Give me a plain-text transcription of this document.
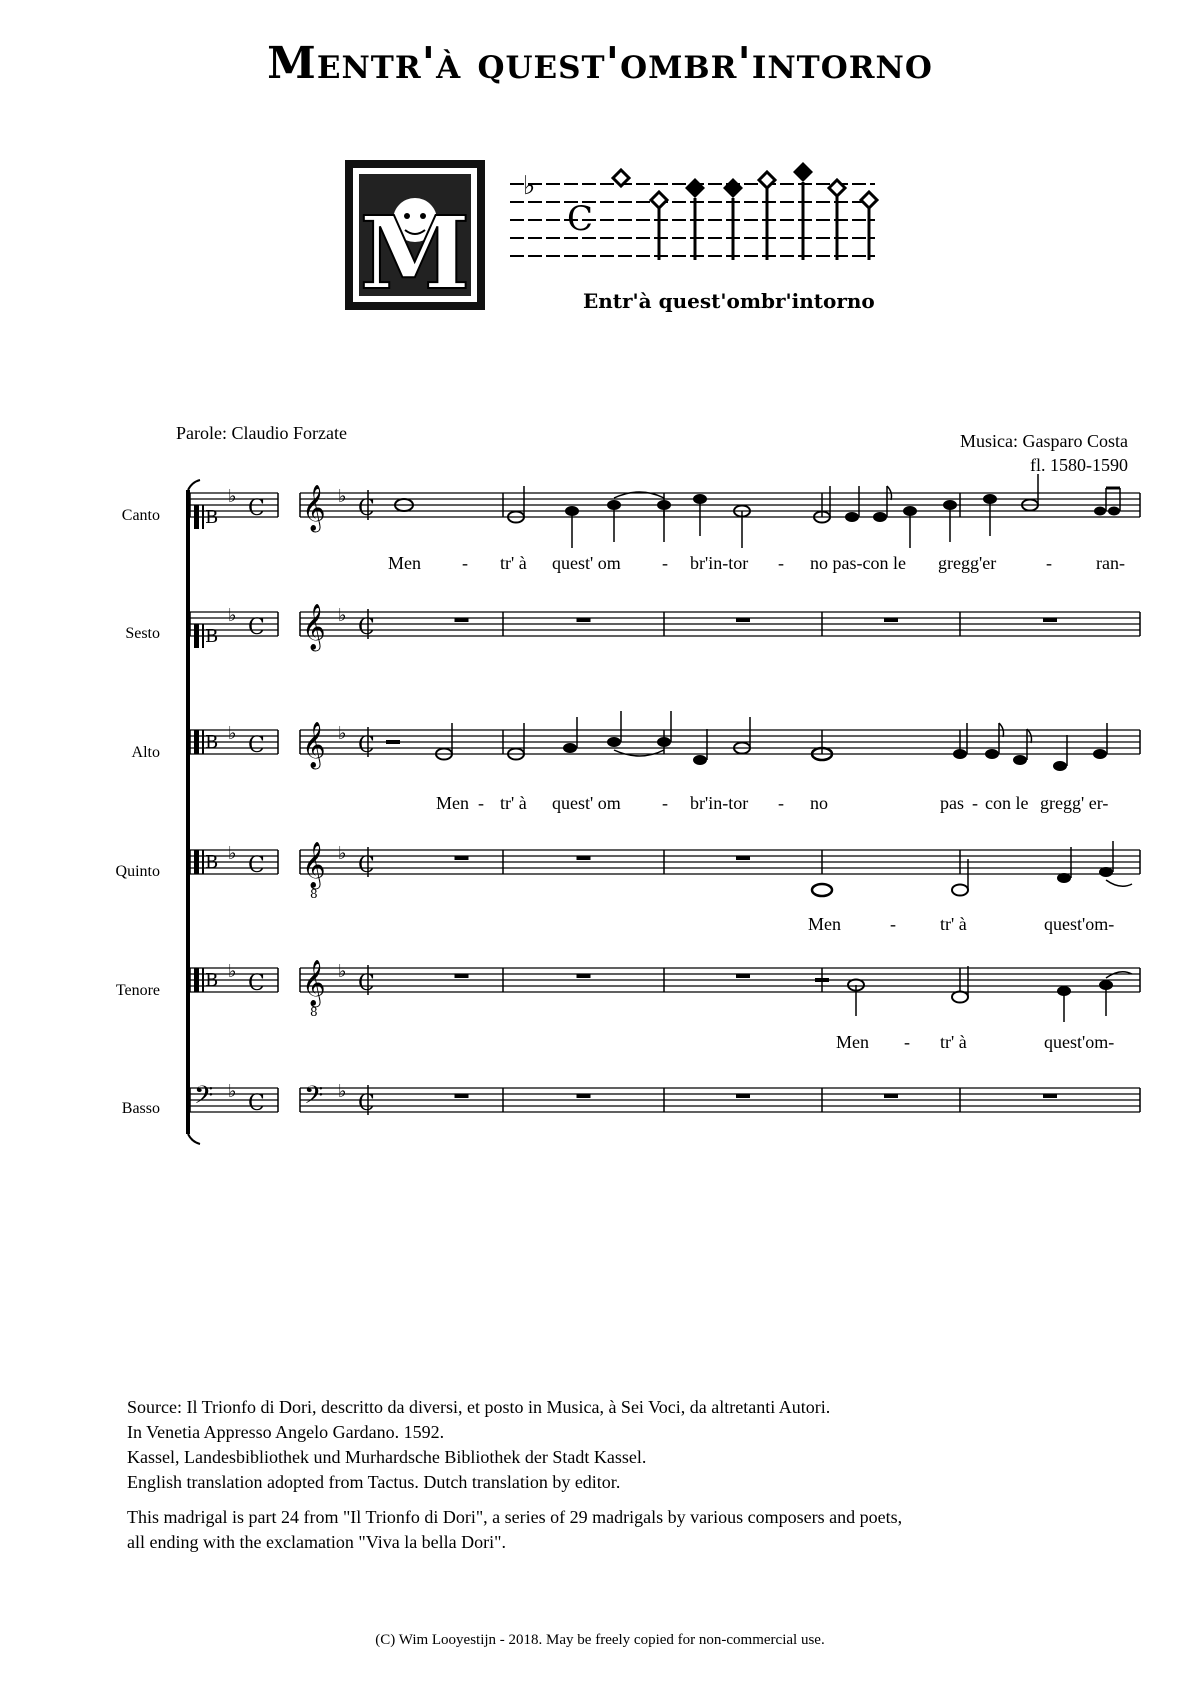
Mentr'à quest'ombr'intorno
M
♭
C
Entr'à quest'ombr'intorno
Parole: Claudio Forzate	Musica: Gasparo Costa
fl. 1580-1590
Canto
Sesto
Alto
Quinto
Tenore
Basso
B
♭ C 𝄞 ♭ C
B
♭ C 𝄞 ♭ C
B ♭ C 𝄞 ♭ C
B ♭ C 𝄞
8
♭ C
B ♭ C 𝄞
8
♭ C
𝄢 ♭ C 𝄢 ♭ C
Men - tr' à quest' om - br'in-tor - no pas-con le gregg'er	- ran-
Men - tr' à quest' om - br'in-tor - no	pas - con le gregg' er-
Men	- tr' à	quest'om-
Men - tr' à	quest'om-
Source: Il Trionfo di Dori, descritto da diversi, et posto in Musica, à Sei Voci, da altretanti Autori.
In Venetia Appresso Angelo Gardano. 1592.
Kassel, Landesbibliothek und Murhardsche Bibliothek der Stadt Kassel.
English translation adopted from Tactus. Dutch translation by editor.
This madrigal is part 24 from "Il Trionfo di Dori", a series of 29 madrigals by various composers and poets,
all ending with the exclamation "Viva la bella Dori".
(C) Wim Looyestijn - 2018. May be freely copied for non-commercial use.
